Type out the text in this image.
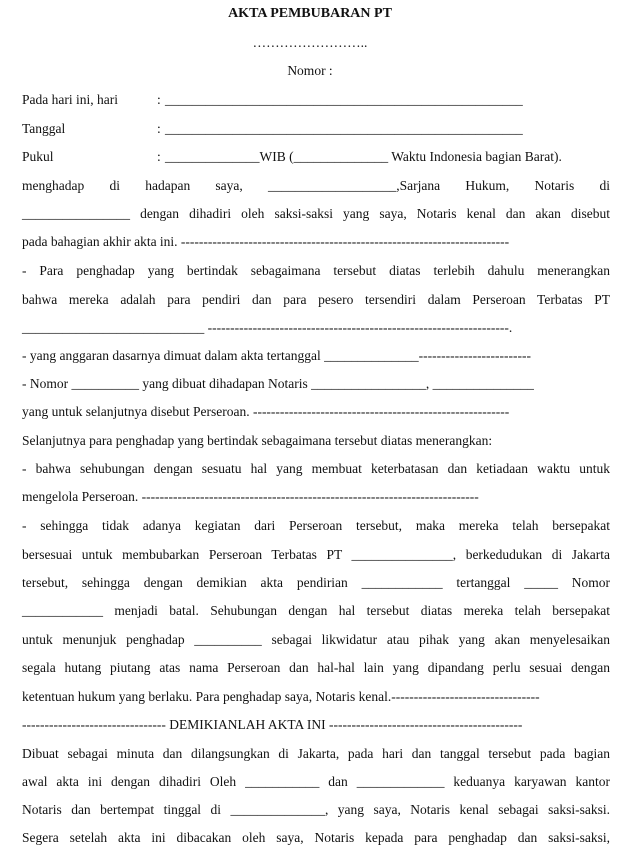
AKTA PEMBUBARAN PT
……………………..
Nomor :
Pada hari ini, hari	: _____________________________________________________
Tanggal	: _____________________________________________________
Pukul	: ______________WIB (______________ Waktu Indonesia bagian Barat).
menghadap di hadapan saya, ___________________,Sarjana Hukum, Notaris di
________________ dengan dihadiri oleh saksi-saksi yang saya, Notaris kenal dan akan disebut
pada bahagian akhir akta ini. -------------------------------------------------------------------------
- Para penghadap yang bertindak sebagaimana tersebut diatas terlebih dahulu menerangkan
bahwa mereka adalah para pendiri dan para pesero tersendiri dalam Perseroan Terbatas PT
___________________________ -------------------------------------------------------------------.
- yang anggaran dasarnya dimuat dalam akta tertanggal ______________-------------------------
- Nomor __________ yang dibuat dihadapan Notaris _________________, _______________
yang untuk selanjutnya disebut Perseroan. ---------------------------------------------------------
Selanjutnya para penghadap yang bertindak sebagaimana tersebut diatas menerangkan:
- bahwa sehubungan dengan sesuatu hal yang membuat keterbatasan dan ketiadaan waktu untuk
mengelola Perseroan. ---------------------------------------------------------------------------
- sehingga tidak adanya kegiatan dari Perseroan tersebut, maka mereka telah bersepakat
bersesuai untuk membubarkan Perseroan Terbatas PT _______________, berkedudukan di Jakarta
tersebut, sehingga dengan demikian akta pendirian ____________ tertanggal _____ Nomor
____________ menjadi batal. Sehubungan dengan hal tersebut diatas mereka telah bersepakat
untuk menunjuk penghadap __________ sebagai likwidatur atau pihak yang akan menyelesaikan
segala hutang piutang atas nama Perseroan dan hal-hal lain yang dipandang perlu sesuai dengan
ketentuan hukum yang berlaku. Para penghadap saya, Notaris kenal.---------------------------------
-------------------------------- DEMIKIANLAH AKTA INI -------------------------------------------
Dibuat sebagai minuta dan dilangsungkan di Jakarta, pada hari dan tanggal tersebut pada bagian
awal akta ini dengan dihadiri Oleh ___________ dan _____________ keduanya karyawan kantor
Notaris dan bertempat tinggal di ______________, yang saya, Notaris kenal sebagai saksi-saksi.
Segera setelah akta ini dibacakan oleh saya, Notaris kepada para penghadap dan saksi-saksi,
